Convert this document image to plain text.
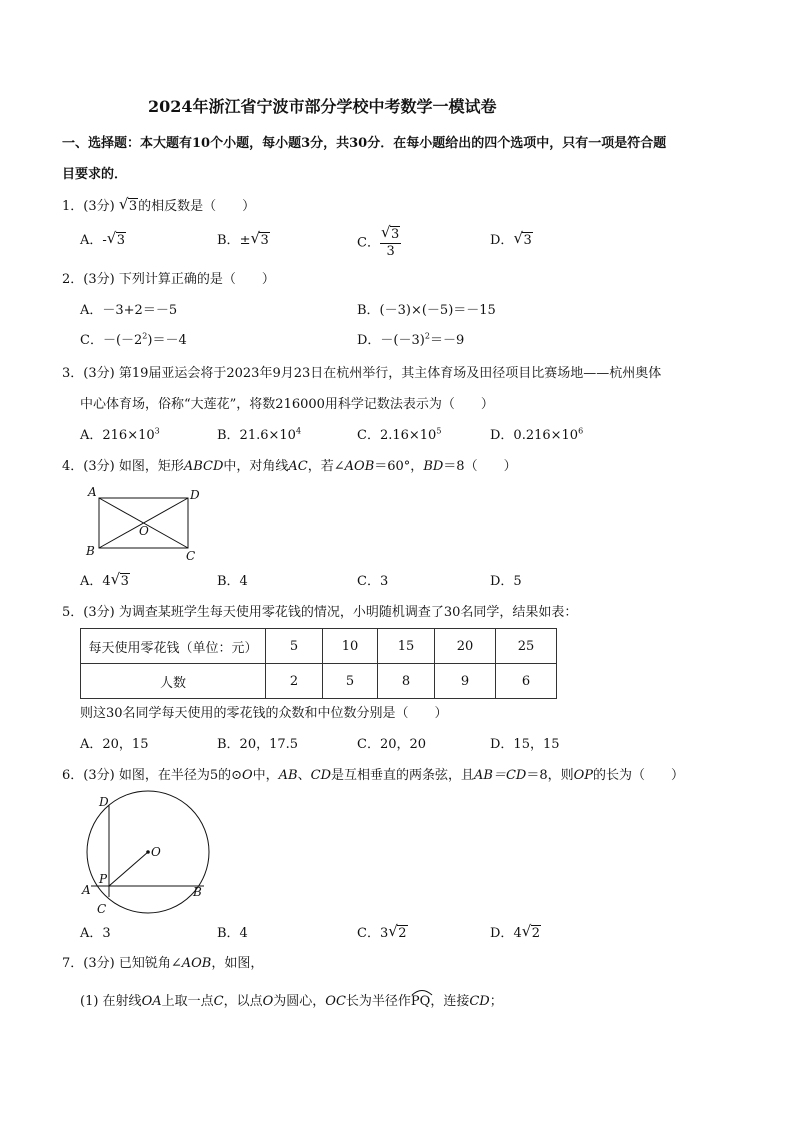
2024年浙江省宁波市部分学校中考数学一模试卷
一、选择题：本大题有10个小题，每小题3分，共30分．在每小题给出的四个选项中，只有一项是符合题
目要求的．
1．(3分) √ 3的相反数是（　　）
A．- √ 3	B．± √ 3	C． $\frac{√ 3}{3}$	D． √ 3
2．(3分) 下列计算正确的是（　　）
A．－3+2＝－5	B．(－3)×(－5)＝－15
C．$-(-2^2)=-4$	D．$-(-3)^2=-9$
3．(3分) 第19届亚运会将于2023年9月23日在杭州举行，其主体育场及田径项目比赛场地——杭州奥体
中心体育场，俗称“大莲花”，将数216000用科学记数法表示为（　　）
A．$216\times 10^3$	B．$21.6\times 10^4$	C．$2.16\times 10^5$	D．$0.216\times 10^6$
4．(3分) 如图，矩形ABCD中，对角线AC，若∠AOB＝60°，BD＝8（　　）
A	D
B	C
O
A．4 √ 3	B．4	C．3	D．5
5．(3分) 为调查某班学生每天使用零花钱的情况，小明随机调查了30名同学，结果如表：
每天使用零花钱（单位：元）	5	10	15	20	25
人数	2	5	8	9	6
则这30名同学每天使用的零花钱的众数和中位数分别是（　　）
A．20，15	B．20，17.5	C．20，20	D．15，15
6．(3分) 如图，在半径为5的⊙O中，AB、CD是互相垂直的两条弦，且AB＝CD＝8，则OP的长为（　　）
D
O
P
A	B
C
A．3	B．4	C．3 √ 2	D．4 √ 2
7．(3分) 已知锐角∠AOB，如图，
(1) 在射线OA上取一点C，以点O为圆心，OC长为半径作
PQ，连接CD；
